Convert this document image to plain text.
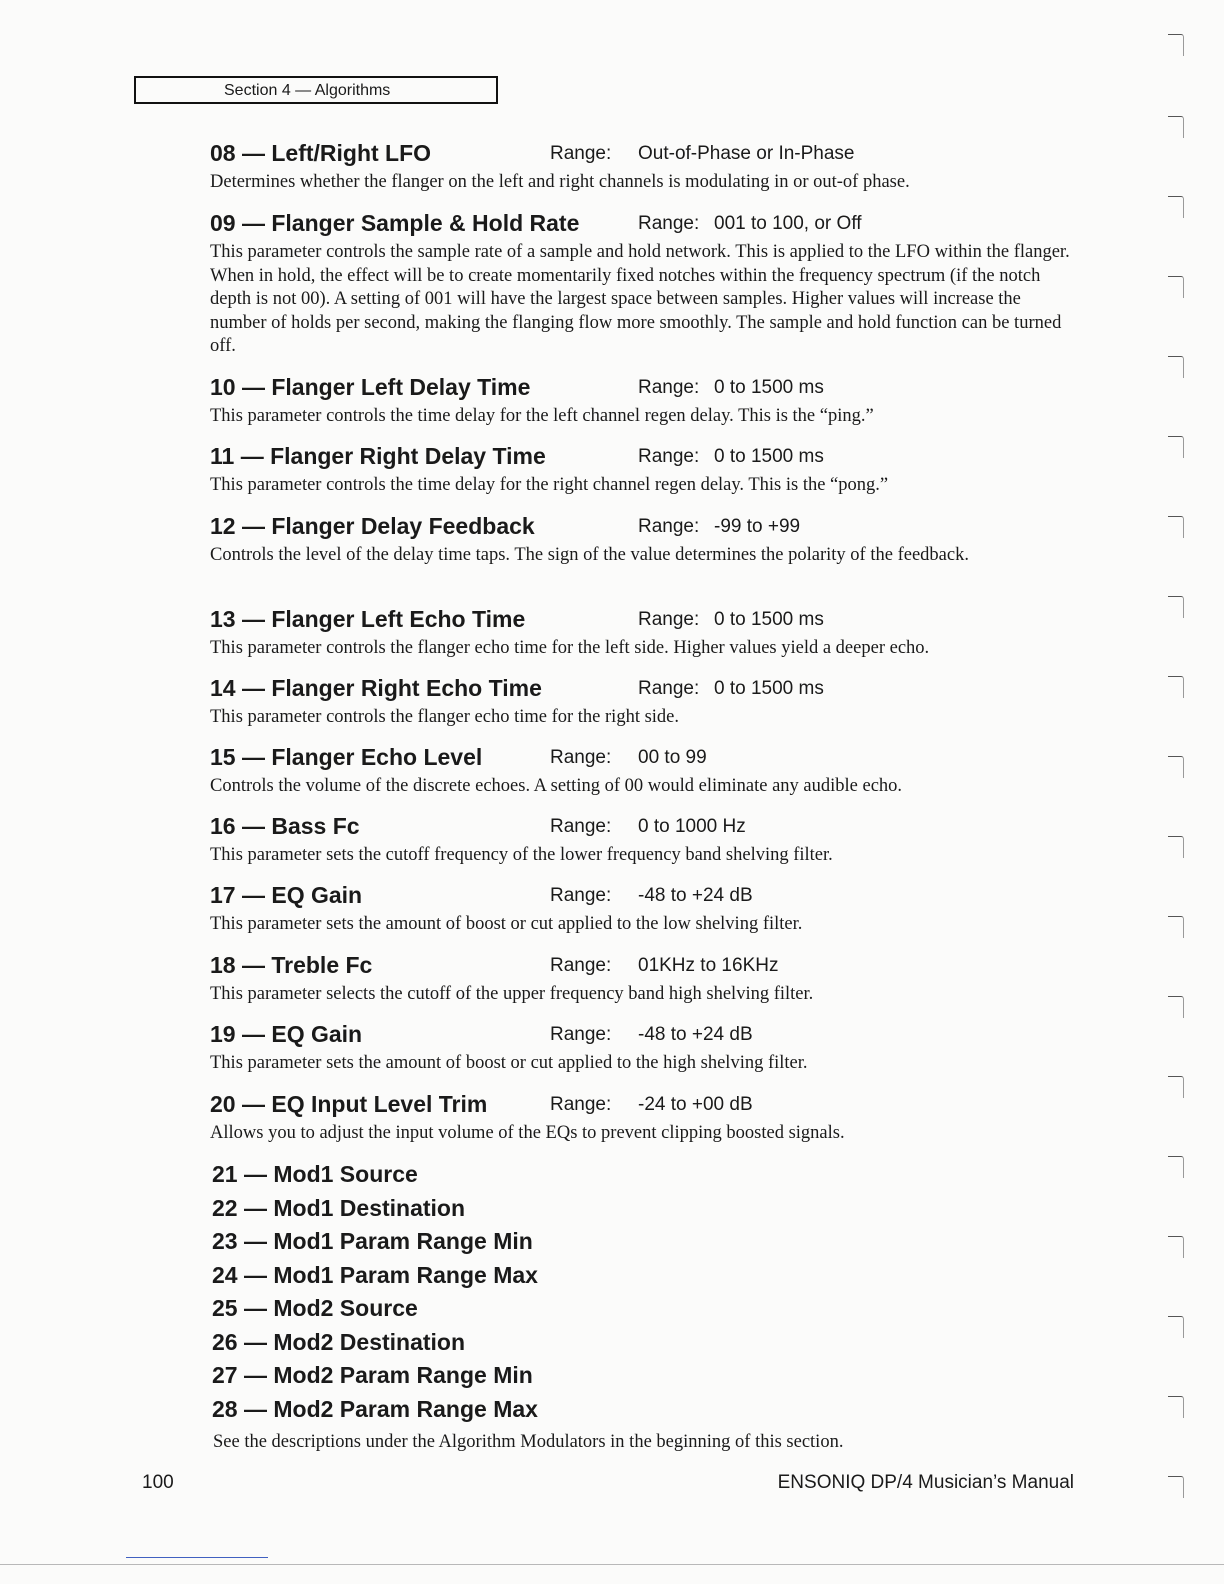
Section 4 — Algorithms
08 — Left/Right LFO	Range: Out-of-Phase or In-Phase
Determines whether the flanger on the left and right channels is modulating in or out-of phase.
09 — Flanger Sample & Hold Rate	Range: 001 to 100, or Off
This parameter controls the sample rate of a sample and hold network. This is applied to the LFO within the flanger. When in hold, the effect will be to create momentarily fixed notches within the frequency spectrum (if the notch depth is not 00). A setting of 001 will have the largest space between samples. Higher values will increase the number of holds per second, making the flanging flow more smoothly. The sample and hold function can be turned off.
10 — Flanger Left Delay Time	Range: 0 to 1500 ms
This parameter controls the time delay for the left channel regen delay. This is the “ping.”
11 — Flanger Right Delay Time	Range: 0 to 1500 ms
This parameter controls the time delay for the right channel regen delay. This is the “pong.”
12 — Flanger Delay Feedback	Range: -99 to +99
Controls the level of the delay time taps. The sign of the value determines the polarity of the feedback.
13 — Flanger Left Echo Time	Range: 0 to 1500 ms
This parameter controls the flanger echo time for the left side. Higher values yield a deeper echo.
14 — Flanger Right Echo Time	Range: 0 to 1500 ms
This parameter controls the flanger echo time for the right side.
15 — Flanger Echo Level	Range: 00 to 99
Controls the volume of the discrete echoes. A setting of 00 would eliminate any audible echo.
16 — Bass Fc	Range: 0 to 1000 Hz
This parameter sets the cutoff frequency of the lower frequency band shelving filter.
17 — EQ Gain	Range: -48 to +24 dB
This parameter sets the amount of boost or cut applied to the low shelving filter.
18 — Treble Fc	Range: 01KHz to 16KHz
This parameter selects the cutoff of the upper frequency band high shelving filter.
19 — EQ Gain	Range: -48 to +24 dB
This parameter sets the amount of boost or cut applied to the high shelving filter.
20 — EQ Input Level Trim	Range: -24 to +00 dB
Allows you to adjust the input volume of the EQs to prevent clipping boosted signals.
21 — Mod1 Source
22 — Mod1 Destination
23 — Mod1 Param Range Min
24 — Mod1 Param Range Max
25 — Mod2 Source
26 — Mod2 Destination
27 — Mod2 Param Range Min
28 — Mod2 Param Range Max
See the descriptions under the Algorithm Modulators in the beginning of this section.
100	ENSONIQ DP/4 Musician’s Manual
